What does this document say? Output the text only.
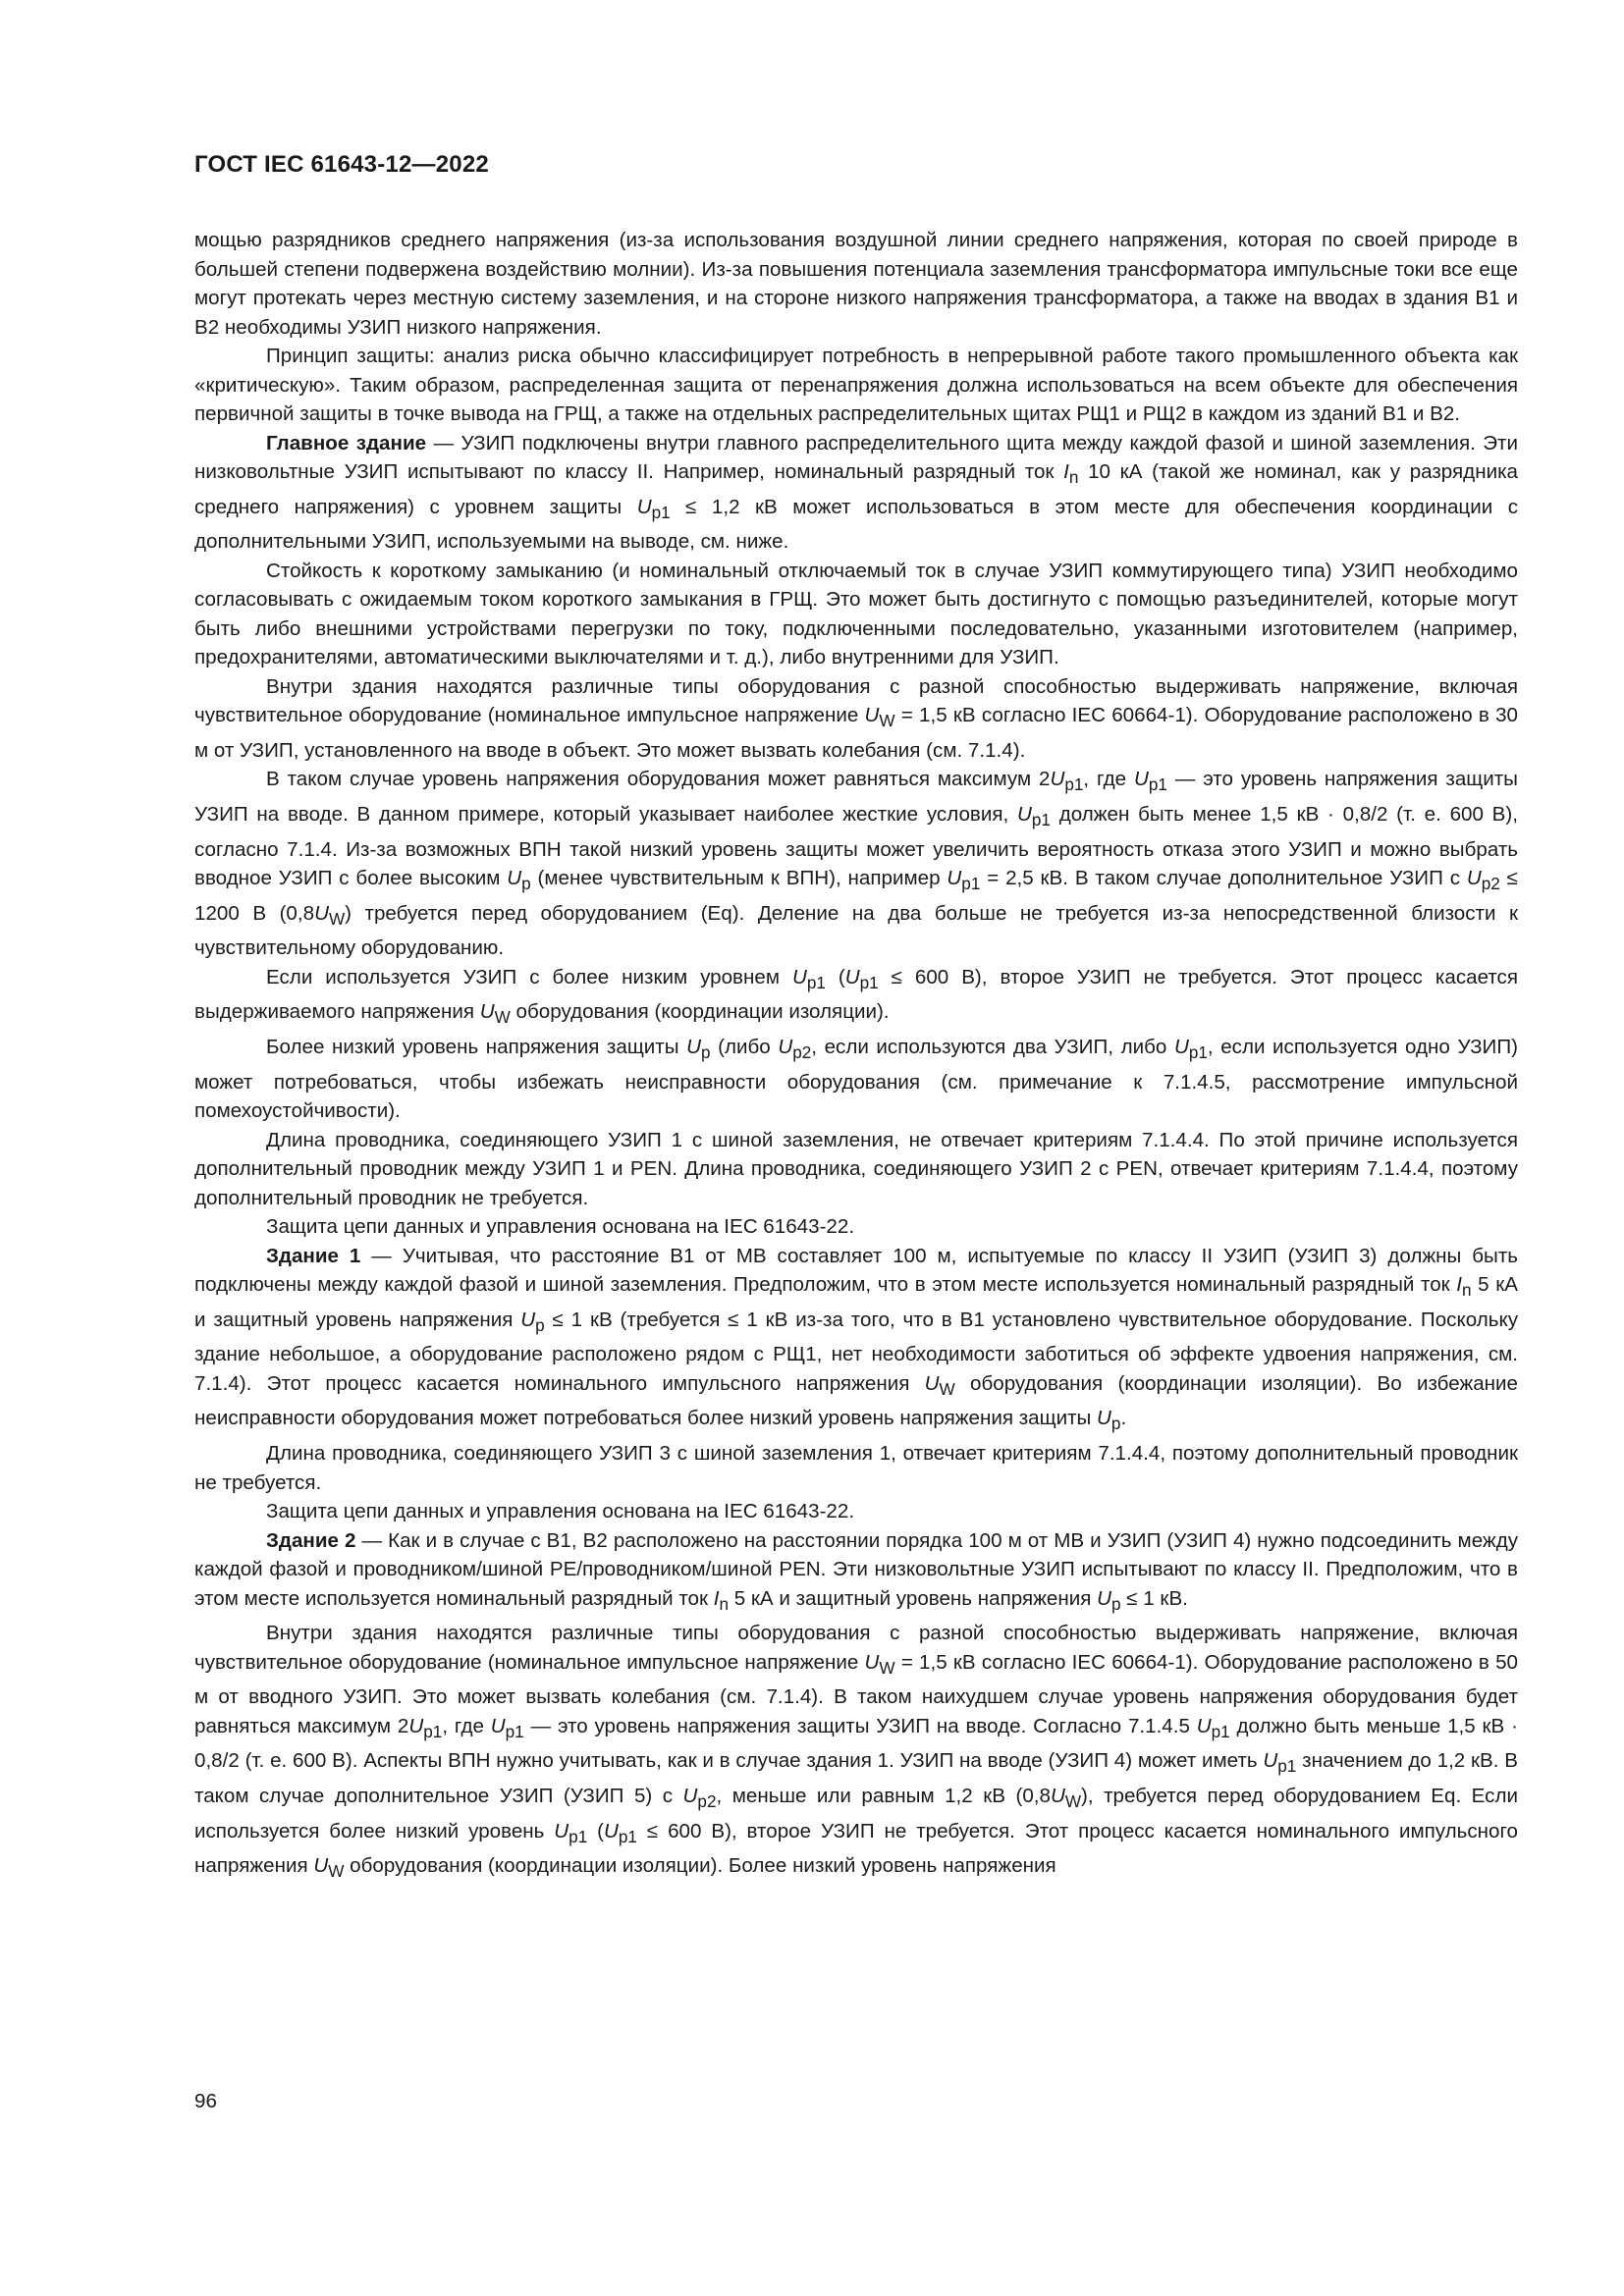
ГОСТ IEC 61643-12—2022

мощью разрядников среднего напряжения (из-за использования воздушной линии среднего напряжения, которая по своей природе в большей степени подвержена воздействию молнии). Из-за повышения потенциала заземления трансформатора импульсные токи все еще могут протекать через местную систему заземления, и на стороне низкого напряжения трансформатора, а также на вводах в здания В1 и В2 необходимы УЗИП низкого напряжения.

Принцип защиты: анализ риска обычно классифицирует потребность в непрерывной работе такого промышленного объекта как «критическую». Таким образом, распределенная защита от перенапряжения должна использоваться на всем объекте для обеспечения первичной защиты в точке вывода на ГРЩ, а также на отдельных распределительных щитах РЩ1 и РЩ2 в каждом из зданий В1 и В2.

Главное здание — УЗИП подключены внутри главного распределительного щита между каждой фазой и шиной заземления. Эти низковольтные УЗИП испытывают по классу II. Например, номинальный разрядный ток $I_n$ 10 кА (такой же номинал, как у разрядника среднего напряжения) с уровнем защиты $U_{p1} \le 1,2$ кВ может использоваться в этом месте для обеспечения координации с дополнительными УЗИП, используемыми на выводе, см. ниже.

Стойкость к короткому замыканию (и номинальный отключаемый ток в случае УЗИП коммутирующего типа) УЗИП необходимо согласовывать с ожидаемым током короткого замыкания в ГРЩ. Это может быть достигнуто с помощью разъединителей, которые могут быть либо внешними устройствами перегрузки по току, подключенными последовательно, указанными изготовителем (например, предохранителями, автоматическими выключателями и т. д.), либо внутренними для УЗИП.

Внутри здания находятся различные типы оборудования с разной способностью выдерживать напряжение, включая чувствительное оборудование (номинальное импульсное напряжение $U_W = 1,5$ кВ согласно IEC 60664-1). Оборудование расположено в 30 м от УЗИП, установленного на вводе в объект. Это может вызвать колебания (см. 7.1.4).

В таком случае уровень напряжения оборудования может равняться максимум $2U_{p1}$, где $U_{p1}$ — это уровень напряжения защиты УЗИП на вводе. В данном примере, который указывает наиболее жесткие условия, $U_{p1}$ должен быть менее 1,5 кВ · 0,8/2 (т. е. 600 В), согласно 7.1.4. Из-за возможных ВПН такой низкий уровень защиты может увеличить вероятность отказа этого УЗИП и можно выбрать вводное УЗИП с более высоким $U_p$ (менее чувствительным к ВПН), например $U_{p1} = 2,5$ кВ. В таком случае дополнительное УЗИП с $U_{p2} \le 1200$ В $(0,8U_W)$ требуется перед оборудованием (Eq). Деление на два больше не требуется из-за непосредственной близости к чувствительному оборудованию.

Если используется УЗИП с более низким уровнем $U_{p1}$ ($U_{p1} \le 600$ В), второе УЗИП не требуется. Этот процесс касается выдерживаемого напряжения $U_W$ оборудования (координации изоляции).

Более низкий уровень напряжения защиты $U_p$ (либо $U_{p2}$, если используются два УЗИП, либо $U_{p1}$, если используется одно УЗИП) может потребоваться, чтобы избежать неисправности оборудования (см. примечание к 7.1.4.5, рассмотрение импульсной помехоустойчивости).

Длина проводника, соединяющего УЗИП 1 с шиной заземления, не отвечает критериям 7.1.4.4. По этой причине используется дополнительный проводник между УЗИП 1 и PEN. Длина проводника, соединяющего УЗИП 2 с PEN, отвечает критериям 7.1.4.4, поэтому дополнительный проводник не требуется.

Защита цепи данных и управления основана на IEC 61643-22.

Здание 1 — Учитывая, что расстояние В1 от МВ составляет 100 м, испытуемые по классу II УЗИП (УЗИП 3) должны быть подключены между каждой фазой и шиной заземления. Предположим, что в этом месте используется номинальный разрядный ток $I_n$ 5 кА и защитный уровень напряжения $U_p \le 1$ кВ (требуется ≤ 1 кВ из-за того, что в В1 установлено чувствительное оборудование. Поскольку здание небольшое, а оборудование расположено рядом с РЩ1, нет необходимости заботиться об эффекте удвоения напряжения, см. 7.1.4). Этот процесс касается номинального импульсного напряжения $U_W$ оборудования (координации изоляции). Во избежание неисправности оборудования может потребоваться более низкий уровень напряжения защиты $U_p$.

Длина проводника, соединяющего УЗИП 3 с шиной заземления 1, отвечает критериям 7.1.4.4, поэтому дополнительный проводник не требуется.

Защита цепи данных и управления основана на IEC 61643-22.

Здание 2 — Как и в случае с В1, В2 расположено на расстоянии порядка 100 м от МВ и УЗИП (УЗИП 4) нужно подсоединить между каждой фазой и проводником/шиной PE/проводником/шиной PEN. Эти низковольтные УЗИП испытывают по классу II. Предположим, что в этом месте используется номинальный разрядный ток $I_n$ 5 кА и защитный уровень напряжения $U_p \le 1$ кВ.

Внутри здания находятся различные типы оборудования с разной способностью выдерживать напряжение, включая чувствительное оборудование (номинальное импульсное напряжение $U_W = 1,5$ кВ согласно IEC 60664-1). Оборудование расположено в 50 м от вводного УЗИП. Это может вызвать колебания (см. 7.1.4). В таком наихудшем случае уровень напряжения оборудования будет равняться максимум $2U_{p1}$, где $U_{p1}$ — это уровень напряжения защиты УЗИП на вводе. Согласно 7.1.4.5 $U_{p1}$ должно быть меньше 1,5 кВ · 0,8/2 (т. е. 600 В). Аспекты ВПН нужно учитывать, как и в случае здания 1. УЗИП на вводе (УЗИП 4) может иметь $U_{p1}$ значением до 1,2 кВ. В таком случае дополнительное УЗИП (УЗИП 5) с $U_{p2}$, меньше или равным 1,2 кВ $(0,8U_W)$, требуется перед оборудованием Eq. Если используется более низкий уровень $U_{p1}$ ($U_{p1} \le 600$ В), второе УЗИП не требуется. Этот процесс касается номинального импульсного напряжения $U_W$ оборудования (координации изоляции). Более низкий уровень напряжения

96
